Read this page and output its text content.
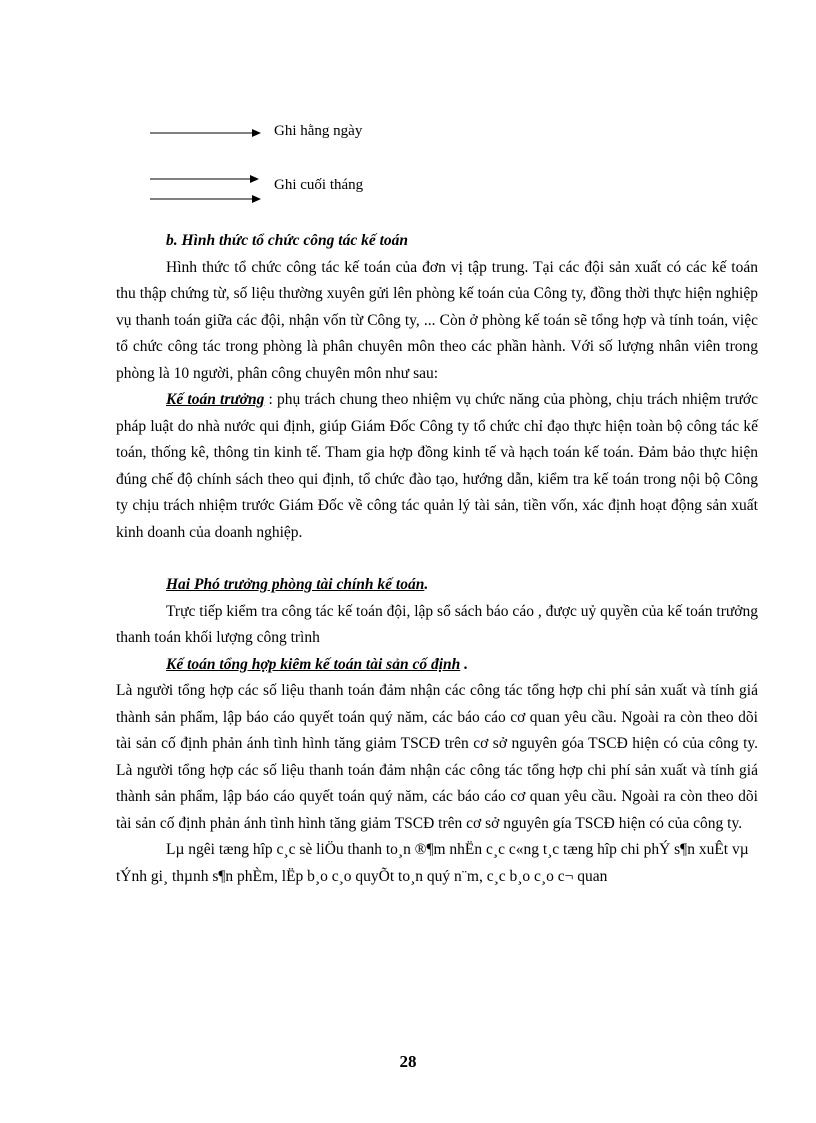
Ghi hằng ngày
Ghi cuối tháng

b. Hình thức tổ chức công tác kế toán

Hình thức tổ chức công tác kế toán của đơn vị tập trung. Tại các đội sản xuất có các kế toán thu thập chứng từ, số liệu thường xuyên gửi lên phòng kế toán của Công ty, đồng thời thực hiện nghiệp vụ thanh toán giữa các đội, nhận vốn từ Công ty, ... Còn ở phòng kế toán sẽ tổng hợp và tính toán, việc tổ chức công tác trong phòng là phân chuyên môn theo các phần hành. Với số lượng nhân viên trong phòng là 10 người, phân công chuyên môn như sau:

Kế toán trưởng : phụ trách chung theo nhiệm vụ chức năng của phòng, chịu trách nhiệm trước pháp luật do nhà nước qui định, giúp Giám Đốc Công ty tổ chức chỉ đạo thực hiện toàn bộ công tác kế toán, thống kê, thông tin kinh tế. Tham gia hợp đồng kinh tế và hạch toán kế toán. Đảm bảo thực hiện đúng chế độ chính sách theo qui định, tổ chức đào tạo, hướng dẫn, kiểm tra kế toán trong nội bộ Công ty chịu trách nhiệm trước Giám Đốc về công tác quản lý tài sản, tiền vốn, xác định hoạt động sản xuất kinh doanh của doanh nghiệp.

Hai Phó trưởng phòng tài chính kế toán.

Trực tiếp kiểm tra công tác kế toán đội, lập sổ sách báo cáo , được uỷ quyền của kế toán trưởng thanh toán khối lượng công trình

Kế toán tổng hợp kiêm kế toán tài sản cố định .

Là người tổng hợp các số liệu thanh toán đảm nhận các công tác tổng hợp chi phí sản xuất và tính giá thành sản phẩm, lập báo cáo quyết toán quý năm, các báo cáo cơ quan yêu cầu. Ngoài ra còn theo dõi tài sản cố định phản ánh tình hình tăng giảm TSCĐ trên cơ sở nguyên góa TSCĐ hiện có của công ty. Là người tổng hợp các số liệu thanh toán đảm nhận các công tác tổng hợp chi phí sản xuất và tính giá thành sản phẩm, lập báo cáo quyết toán quý năm, các báo cáo cơ quan yêu cầu. Ngoài ra còn theo dõi tài sản cố định phản ánh tình hình tăng giảm TSCĐ trên cơ sở nguyên gía TSCĐ hiện có của công ty.

Lµ ngêi tæng hîp c¸c sè liÖu thanh to¸n ®¶m nhËn c¸c c«ng t¸c tæng hîp chi phÝ s¶n xuÊt vµ tÝnh gi¸ thµnh s¶n phÈm, lËp b¸o c¸o quyÕt to¸n quý n¨m, c¸c b¸o c¸o c¬ quan

28
